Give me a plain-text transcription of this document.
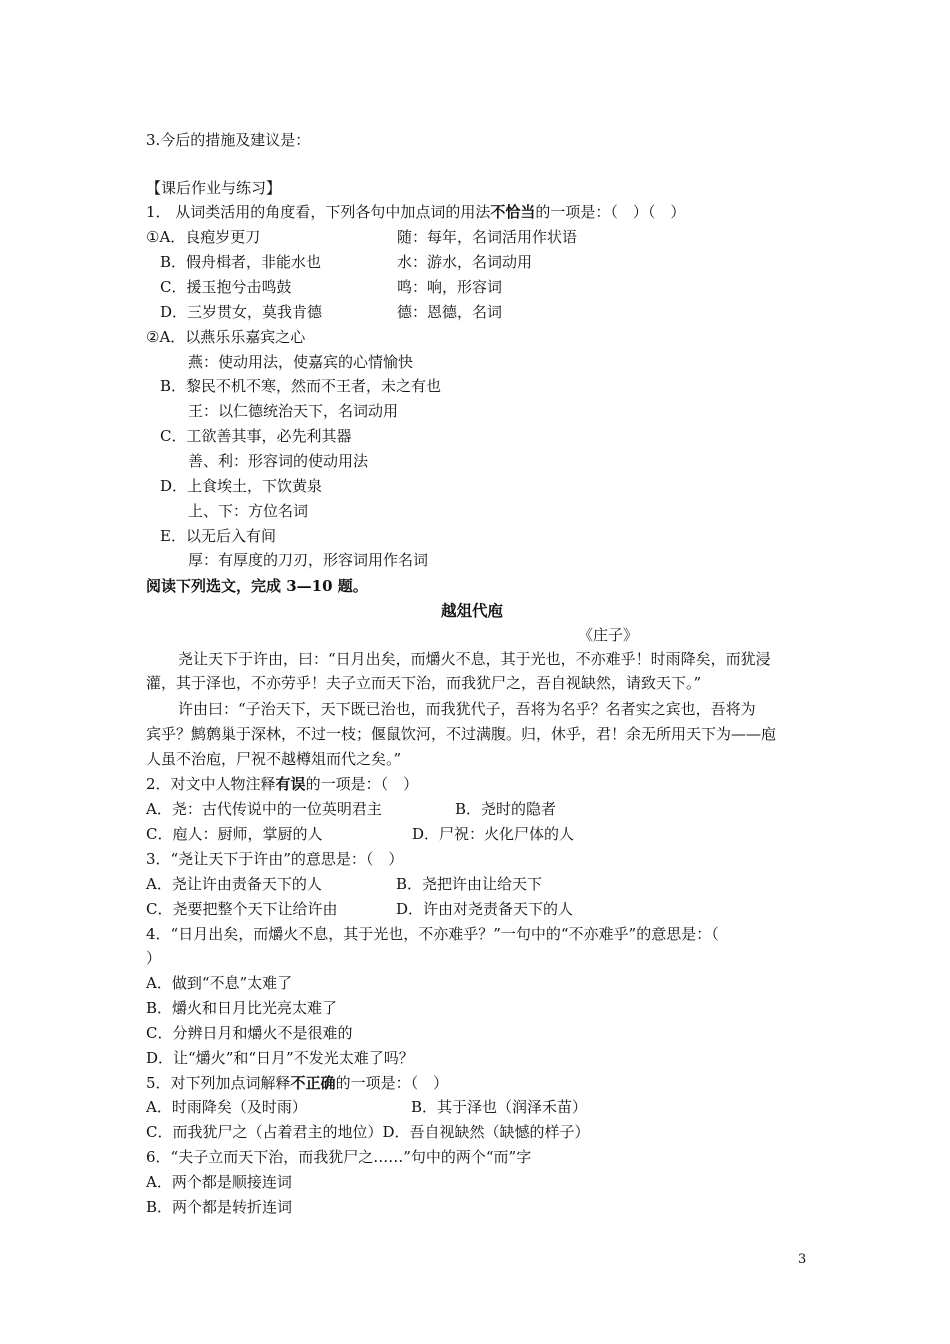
3.今后的措施及建议是：
【课后作业与练习】
1． 从词类活用的角度看，下列各句中加点词的用法不恰当的一项是：（　）（　）
①A．良疱岁更刀	随：每年，名词活用作状语
B．假舟楫者，非能水也	水：游水，名词动用
C．援玉抱兮击鸣鼓	鸣：响，形容词
D．三岁贯女，莫我肯德	德：恩德，名词
②A．以燕乐乐嘉宾之心
燕：使动用法，使嘉宾的心情愉快
B．黎民不机不寒，然而不王者，未之有也
王：以仁德统治天下，名词动用
C．工欲善其事，必先利其器
善、利：形容词的使动用法
D．上食埃土，下饮黄泉
上、下：方位名词
E．以无后入有间
厚：有厚度的刀刃，形容词用作名词
阅读下列选文，完成 3—10 题。
越俎代庖
《庄子》
尧让天下于许由，曰：“日月出矣，而爝火不息，其于光也，不亦难乎！时雨降矣，而犹浸
灌，其于泽也，不亦劳乎！夫子立而天下治，而我犹尸之，吾自视缺然，请致天下。”
许由曰：“子治天下，天下既已治也，而我犹代子，吾将为名乎？名者实之宾也，吾将为
宾乎？鹪鹩巢于深林，不过一枝；偃鼠饮河，不过满腹。归，休乎，君！余无所用天下为——庖
人虽不治庖，尸祝不越樽俎而代之矣。”
2．对文中人物注释有误的一项是：（　）
A．尧：古代传说中的一位英明君主	B．尧时的隐者
C．庖人：厨师，掌厨的人	D．尸祝：火化尸体的人
3．“尧让天下于许由”的意思是：（　）
A．尧让许由责备天下的人	B．尧把许由让给天下
C．尧要把整个天下让给许由	D．许由对尧责备天下的人
4．“日月出矣，而爝火不息，其于光也，不亦难乎？”一句中的“不亦难乎”的意思是：（
）
A．做到“不息”太难了
B．爝火和日月比光亮太难了
C．分辨日月和爝火不是很难的
D．让“爝火”和“日月”不发光太难了吗？
5．对下列加点词解释不正确的一项是：（　）
A．时雨降矣（及时雨）	B．其于泽也（润泽禾苗）
C．而我犹尸之（占着君主的地位）D．吾自视缺然（缺憾的样子）
6．“夫子立而天下治，而我犹尸之……”句中的两个“而”字
A．两个都是顺接连词
B．两个都是转折连词
3
